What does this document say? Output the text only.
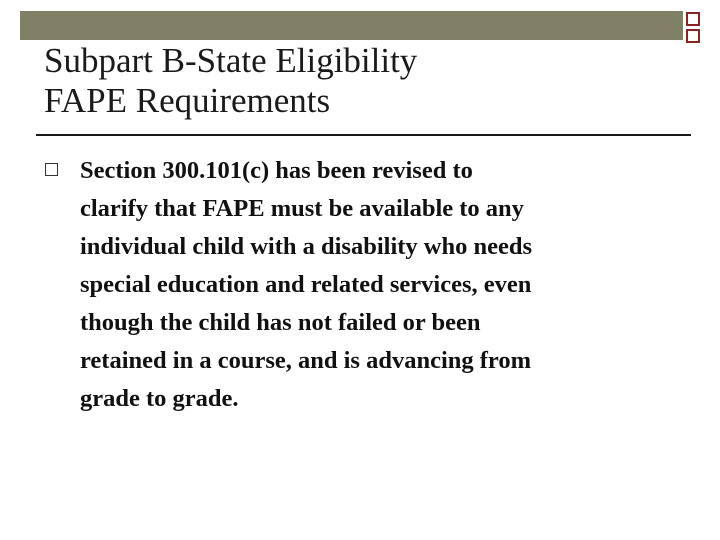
Subpart B-State Eligibility
FAPE Requirements

Section 300.101(c) has been revised to
clarify that FAPE must be available to any
individual child with a disability who needs
special education and related services, even
though the child has not failed or been
retained in a course, and is advancing from
grade to grade.
